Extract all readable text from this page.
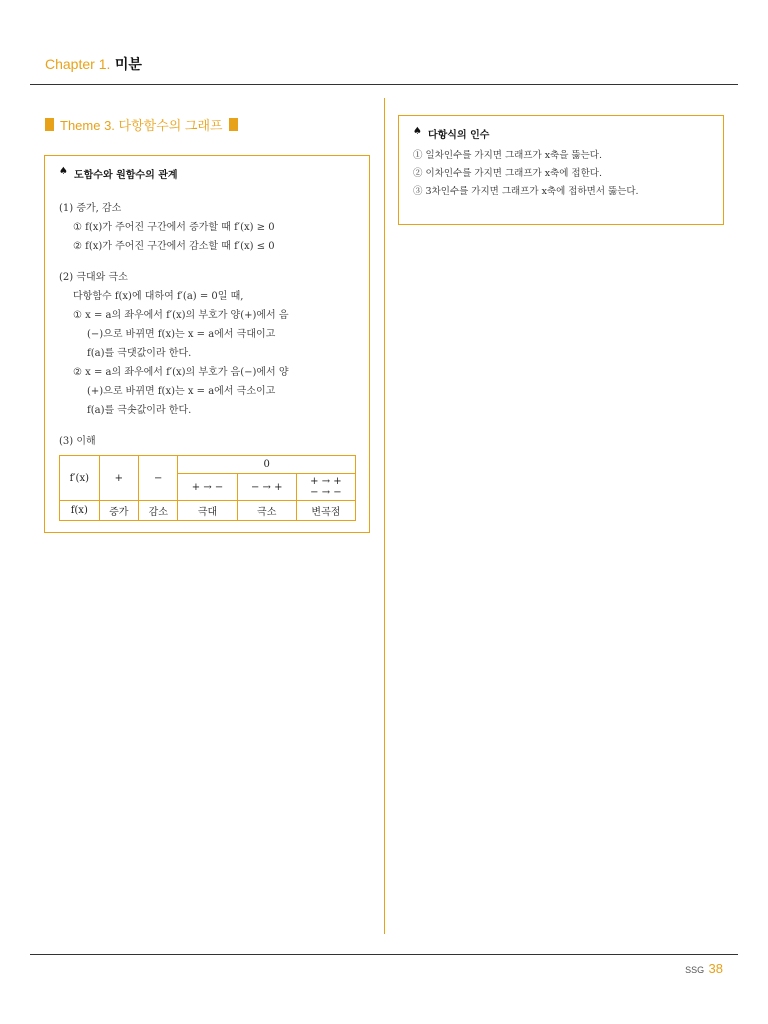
Chapter 1. 미분
Theme 3. 다항함수의 그래프
♠ 도함수와 원함수의 관계
(1) 증가, 감소
① f(x)가 주어진 구간에서 증가할 때 f′(x) ≥ 0
② f(x)가 주어진 구간에서 감소할 때 f′(x) ≤ 0
(2) 극대와 극소
다항함수 f(x)에 대하여 f′(a) = 0일 때,
① x = a의 좌우에서 f′(x)의 부호가 양(+)에서 음
(−)으로 바뀌면 f(x)는 x = a에서 극대이고
f(a)를 극댓값이라 한다.
② x = a의 좌우에서 f′(x)의 부호가 음(−)에서 양
(+)으로 바뀌면 f(x)는 x = a에서 극소이고
f(a)를 극솟값이라 한다.
(3) 이해
f′(x)	+	−	0		
			+ → −	− → +	+ → +
− → −

f(x)	증가	감소	극대	극소	변곡점
♠ 다항식의 인수
① 일차인수를 가지면 그래프가 x축을 뚫는다.
② 이차인수를 가지면 그래프가 x축에 접한다.
③ 3차인수를 가지면 그래프가 x축에 접하면서 뚫는다.
SSG 38
